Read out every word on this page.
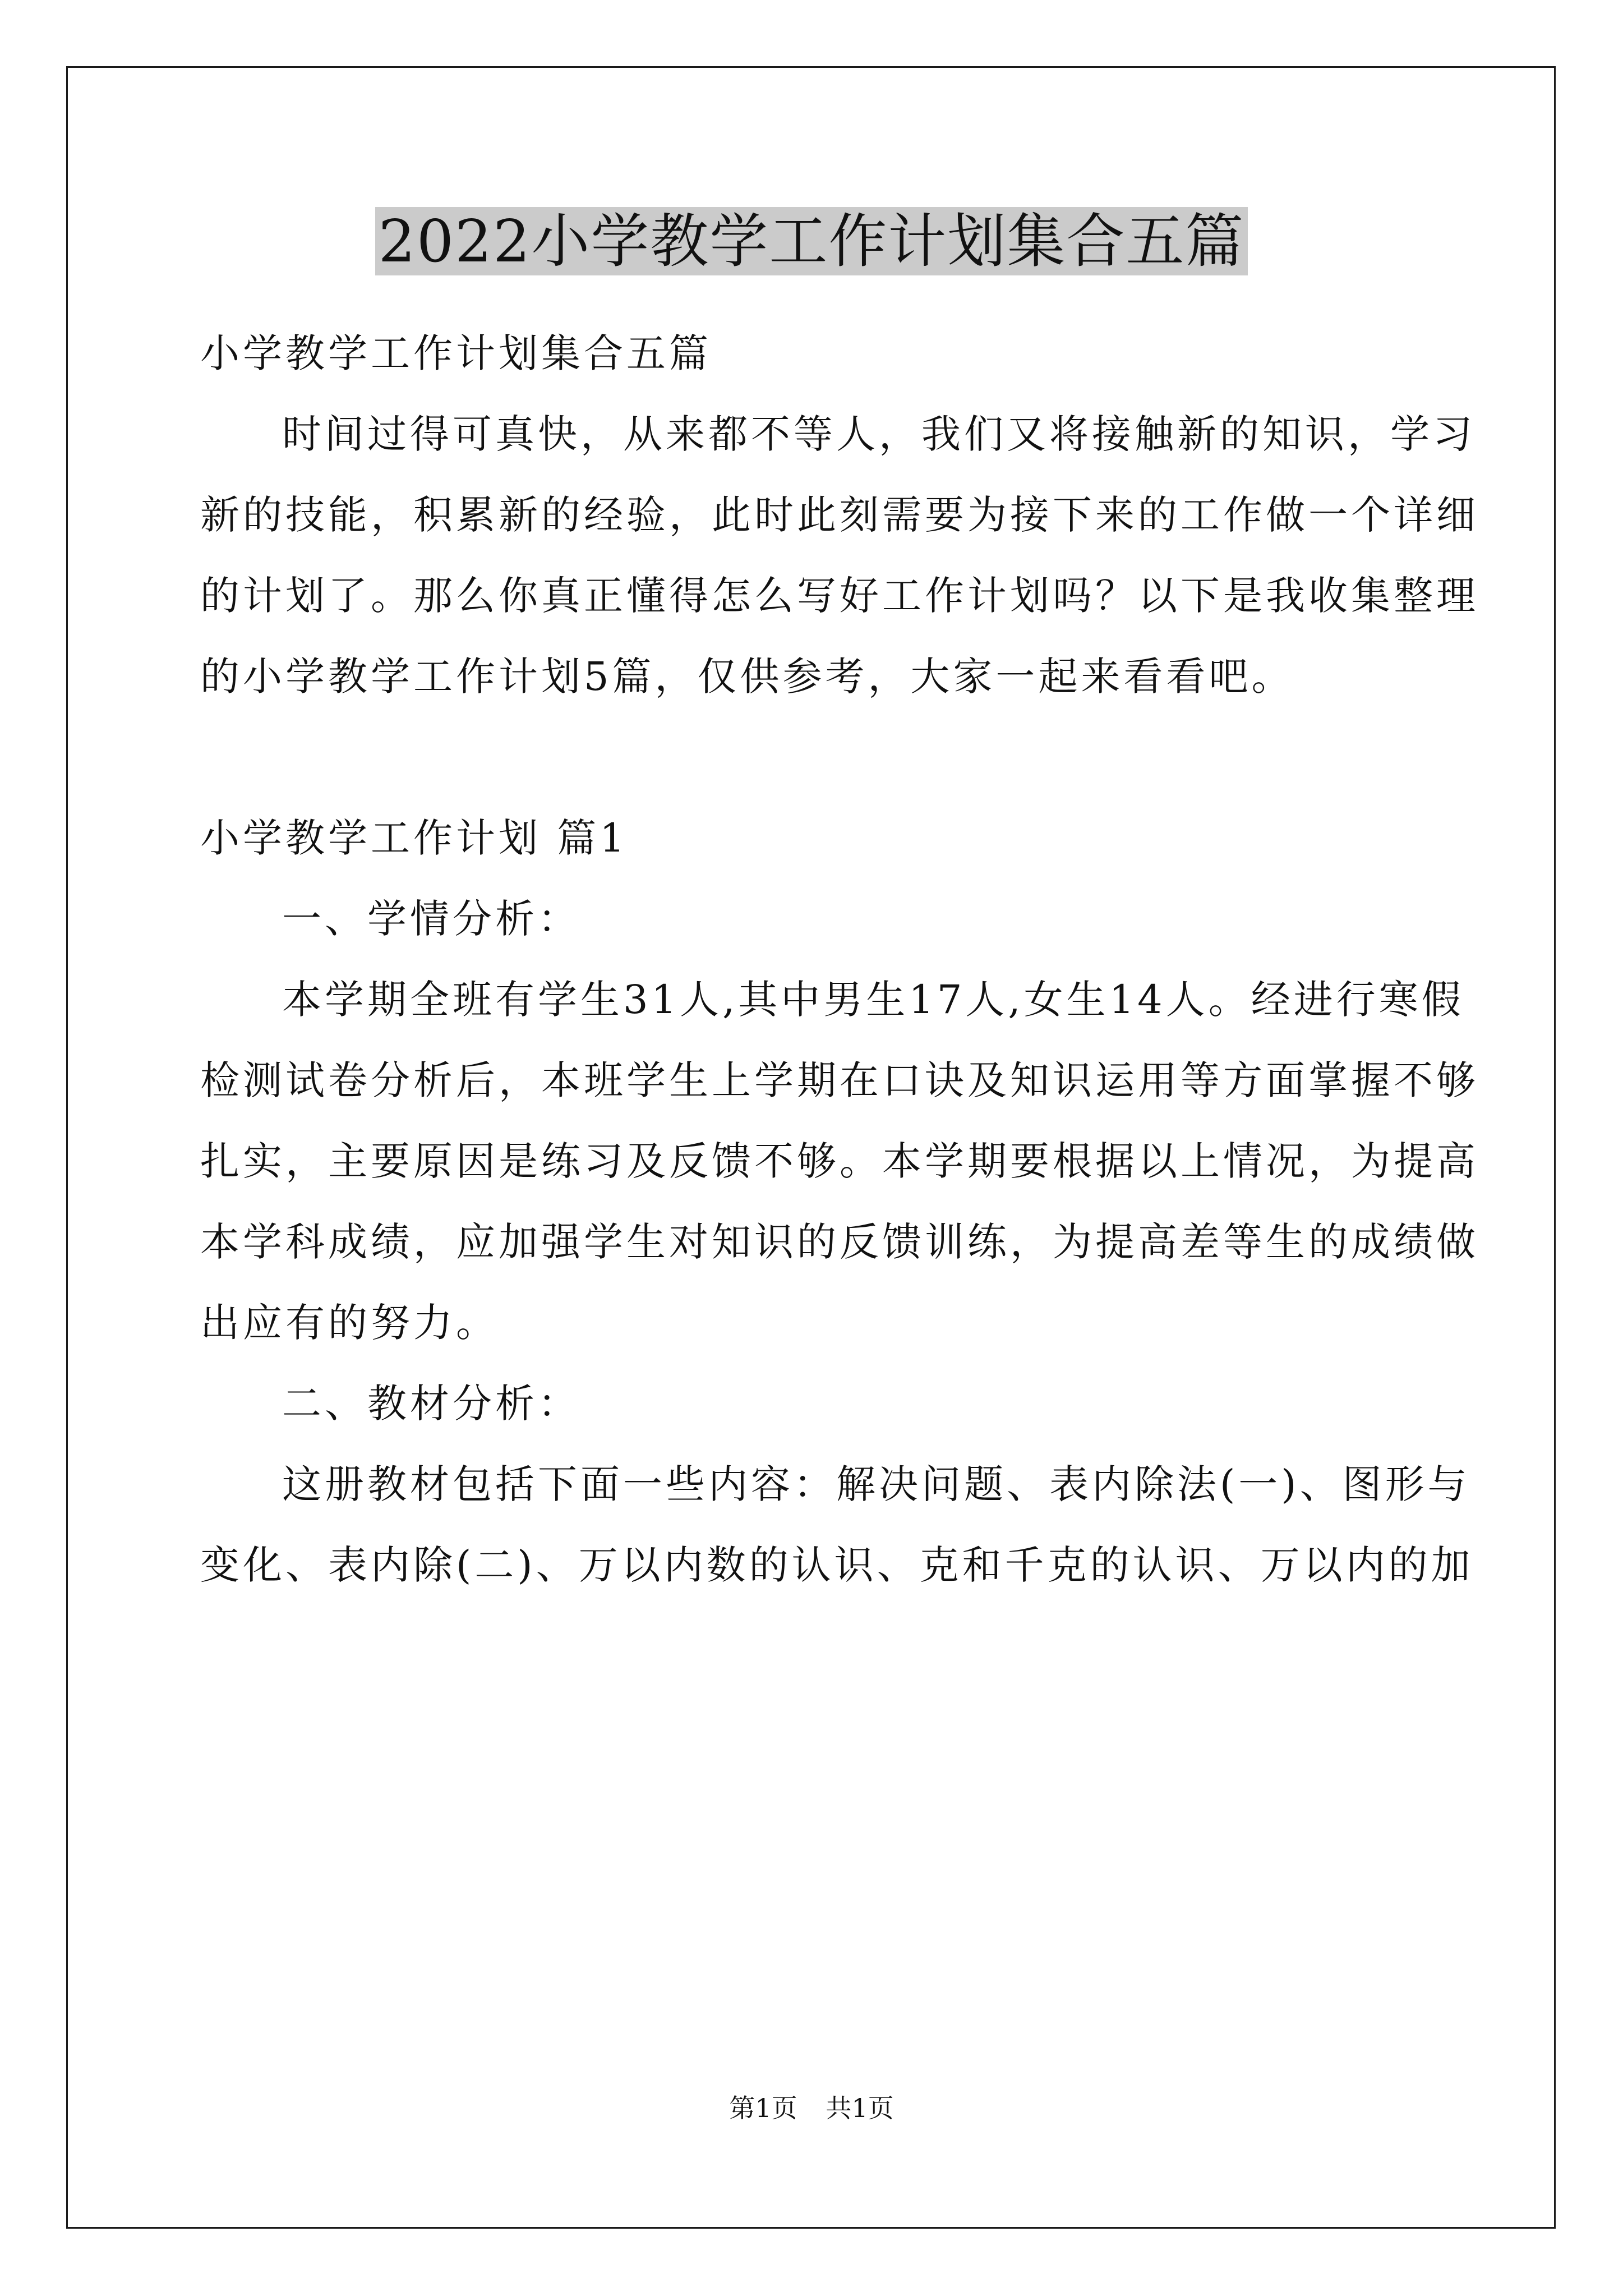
2022小学教学工作计划集合五篇

小学教学工作计划集合五篇

时间过得可真快，从来都不等人，我们又将接触新的知识，学习

新的技能，积累新的经验，此时此刻需要为接下来的工作做一个详细

的计划了。那么你真正懂得怎么写好工作计划吗？以下是我收集整理

的小学教学工作计划5篇，仅供参考，大家一起来看看吧。

小学教学工作计划 篇1

一、学情分析：

本学期全班有学生31人,其中男生17人,女生14人。经进行寒假

检测试卷分析后，本班学生上学期在口诀及知识运用等方面掌握不够

扎实，主要原因是练习及反馈不够。本学期要根据以上情况，为提高

本学科成绩，应加强学生对知识的反馈训练，为提高差等生的成绩做

出应有的努力。

二、教材分析：

这册教材包括下面一些内容：解决问题、表内除法(一)、图形与

变化、表内除(二)、万以内数的认识、克和千克的认识、万以内的加

第1页 共1页
